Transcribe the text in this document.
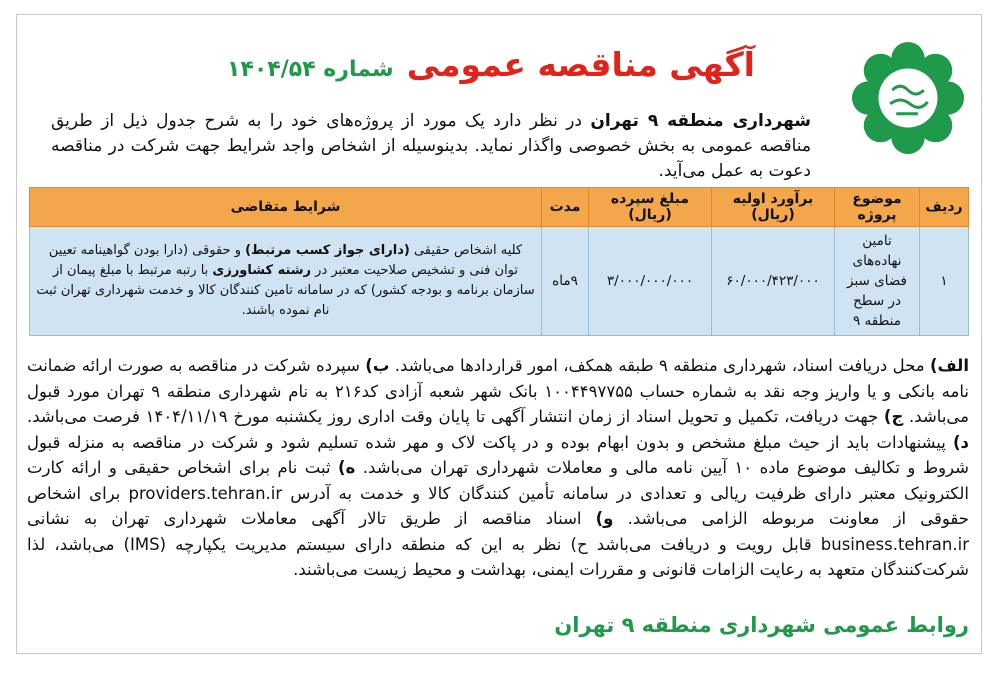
آگهی مناقصه عمومی شماره ۱۴۰۴/۵۴
شهرداری منطقه ۹ تهران در نظر دارد یک مورد از پروژه‌های خود را به شرح جدول ذیل از طریق مناقصه عمومی به بخش خصوصی واگذار نماید. بدینوسیله از اشخاص واجد شرایط جهت شرکت در مناقصه دعوت به عمل می‌آید.
ردیف	موضوع پروژه	برآورد اولیه (ریال)	مبلغ سپرده (ریال)	مدت	شرایط متقاضی
۱	تامین نهاده‌های فضای سبز در سطح منطقه ۹	۶۰/۰۰۰/۴۲۳/۰۰۰	۳/۰۰۰/۰۰۰/۰۰۰	۹ماه	کلیه اشخاص حقیقی (دارای جواز کسب مرتبط) و حقوقی (دارا بودن گواهینامه تعیین توان فنی و تشخیص صلاحیت معتبر در رشته کشاورزی با رتبه مرتبط با مبلغ پیمان از سازمان برنامه و بودجه کشور) که در سامانه تامین کنندگان کالا و خدمت شهرداری تهران ثبت نام نموده باشند.
الف) محل دریافت اسناد، شهرداری منطقه ۹ طبقه همکف، امور قراردادها می‌باشد. ب) سپرده شرکت در مناقصه به صورت ارائه ضمانت نامه بانکی و یا واریز وجه نقد به شماره حساب ۱۰۰۴۴۹۷۷۵۵ بانک شهر شعبه آزادی کد۲۱۶ به نام شهرداری منطقه ۹ تهران مورد قبول می‌باشد. ج) جهت دریافت، تکمیل و تحویل اسناد از زمان انتشار آگهی تا پایان وقت اداری روز یکشنبه مورخ ۱۴۰۴/۱۱/۱۹ فرصت می‌باشد. د) پیشنهادات باید از حیث مبلغ مشخص و بدون ابهام بوده و در پاکت لاک و مهر شده تسلیم شود و شرکت در مناقصه به منزله قبول شروط و تکالیف موضوع ماده ۱۰ آیین نامه مالی و معاملات شهرداری تهران می‌باشد. ه) ثبت نام برای اشخاص حقیقی و ارائه کارت الکترونیک معتبر دارای ظرفیت ریالی و تعدادی در سامانه تأمین کنندگان کالا و خدمت به آدرس providers.tehran.ir برای اشخاص حقوقی از معاونت مربوطه الزامی می‌باشد. و) اسناد مناقصه از طریق تالار آگهی معاملات شهرداری تهران به نشانی business.tehran.ir قابل رویت و دریافت می‌باشد ح) نظر به این که منطقه دارای سیستم مدیریت یکپارچه (IMS) می‌باشد، لذا شرکت‌کنندگان متعهد به رعایت الزامات قانونی و مقررات ایمنی، بهداشت و محیط زیست می‌باشند.
روابط عمومی شهرداری منطقه ۹ تهران
